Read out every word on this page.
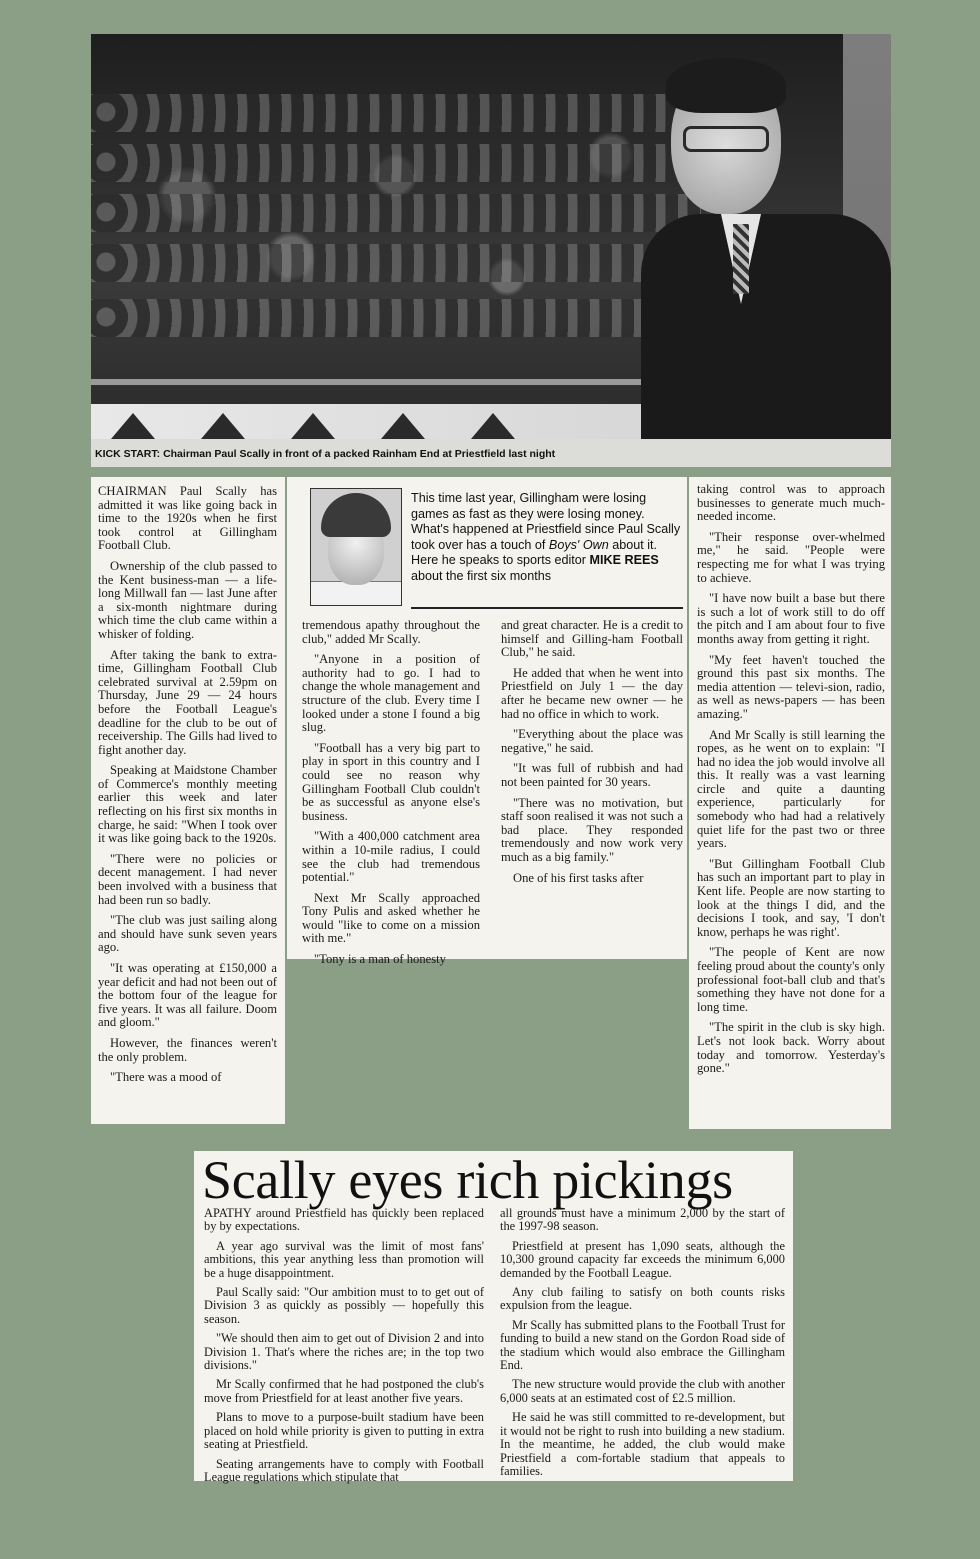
KICK START: Chairman Paul Scally in front of a packed Rainham End at Priestfield last night

CHAIRMAN Paul Scally has admitted it was like going back in time to the 1920s when he first took control at Gillingham Football Club.

Ownership of the club passed to the Kent business-man — a life-long Millwall fan — last June after a six-month nightmare during which time the club came within a whisker of folding.

After taking the bank to extra-time, Gillingham Football Club celebrated survival at 2.59pm on Thursday, June 29 — 24 hours before the Football League's deadline for the club to be out of receivership. The Gills had lived to fight another day.

Speaking at Maidstone Chamber of Commerce's monthly meeting earlier this week and later reflecting on his first six months in charge, he said: "When I took over it was like going back to the 1920s.

"There were no policies or decent management. I had never been involved with a business that had been run so badly.

"The club was just sailing along and should have sunk seven years ago.

"It was operating at £150,000 a year deficit and had not been out of the bottom four of the league for five years. It was all failure. Doom and gloom."

However, the finances weren't the only problem.

"There was a mood of

This time last year, Gillingham were losing games as fast as they were losing money. What's happened at Priestfield since Paul Scally took over has a touch of Boys' Own about it. Here he speaks to sports editor MIKE REES about the first six months

tremendous apathy throughout the club," added Mr Scally.

"Anyone in a position of authority had to go. I had to change the whole management and structure of the club. Every time I looked under a stone I found a big slug.

"Football has a very big part to play in sport in this country and I could see no reason why Gillingham Football Club couldn't be as successful as anyone else's business.

"With a 400,000 catchment area within a 10-mile radius, I could see the club had tremendous potential."

Next Mr Scally approached Tony Pulis and asked whether he would "like to come on a mission with me."

"Tony is a man of honesty

and great character. He is a credit to himself and Gilling-ham Football Club," he said.

He added that when he went into Priestfield on July 1 — the day after he became new owner — he had no office in which to work.

"Everything about the place was negative," he said.

"It was full of rubbish and had not been painted for 30 years.

"There was no motivation, but staff soon realised it was not such a bad place. They responded tremendously and now work very much as a big family."

One of his first tasks after

taking control was to approach businesses to generate much much-needed income.

"Their response over-whelmed me," he said. "People were respecting me for what I was trying to achieve.

"I have now built a base but there is such a lot of work still to do off the pitch and I am about four to five months away from getting it right.

"My feet haven't touched the ground this past six months. The media attention — televi-sion, radio, as well as news-papers — has been amazing."

And Mr Scally is still learning the ropes, as he went on to explain: "I had no idea the job would involve all this. It really was a vast learning circle and quite a daunting experience, particularly for somebody who had had a relatively quiet life for the past two or three years.

"But Gillingham Football Club has such an important part to play in Kent life. People are now starting to look at the things I did, and the decisions I took, and say, 'I don't know, perhaps he was right'.

"The people of Kent are now feeling proud about the county's only professional foot-ball club and that's something they have not done for a long time.

"The spirit in the club is sky high. Let's not look back. Worry about today and tomorrow. Yesterday's gone."

Scally eyes rich pickings

APATHY around Priestfield has quickly been replaced by by expectations.

A year ago survival was the limit of most fans' ambitions, this year anything less than promotion will be a huge disappointment.

Paul Scally said: "Our ambition must to to get out of Division 3 as quickly as possibly — hopefully this season.

"We should then aim to get out of Division 2 and into Division 1. That's where the riches are; in the top two divisions."

Mr Scally confirmed that he had postponed the club's move from Priestfield for at least another five years.

Plans to move to a purpose-built stadium have been placed on hold while priority is given to putting in extra seating at Priestfield.

Seating arrangements have to comply with Football League regulations which stipulate that

all grounds must have a minimum 2,000 by the start of the 1997-98 season.

Priestfield at present has 1,090 seats, although the 10,300 ground capacity far exceeds the minimum 6,000 demanded by the Football League.

Any club failing to satisfy on both counts risks expulsion from the league.

Mr Scally has submitted plans to the Football Trust for funding to build a new stand on the Gordon Road side of the stadium which would also embrace the Gillingham End.

The new structure would provide the club with another 6,000 seats at an estimated cost of £2.5 million.

He said he was still committed to re-development, but it would not be right to rush into building a new stadium. In the meantime, he added, the club would make Priestfield a com-fortable stadium that appeals to families.
